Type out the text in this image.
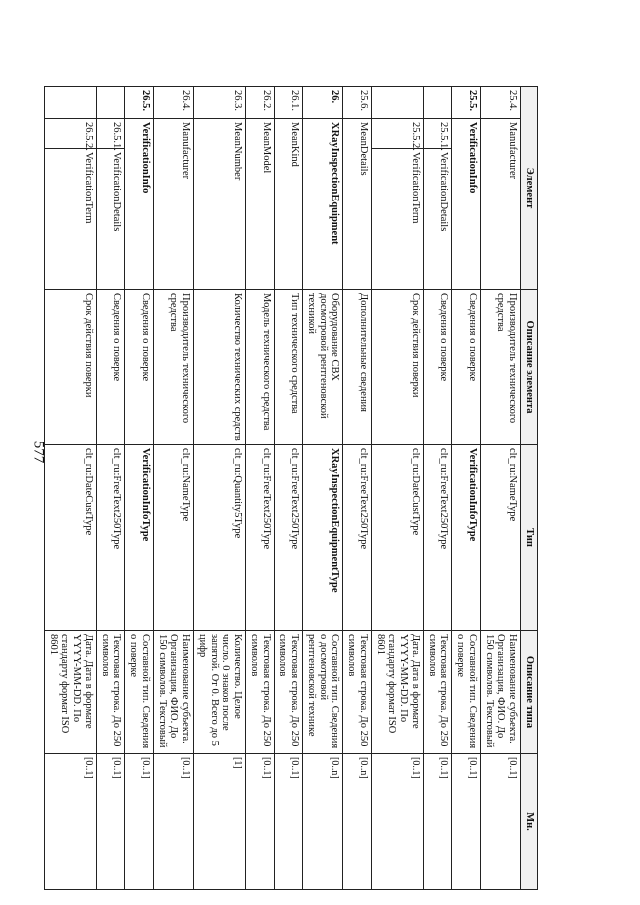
577
Элемент			Описание элемента	Тип	Описание типа	Мн.
25.4.	Manufacturer		Производитель технического средства	clt_ru:NameType	Наименование субъекта. Организация, ФИО. До 150 символов. Текстовый	[0..1]
25.5.	VerificationInfo		Сведения о поверке	VerificationInfoType	Составной тип. Сведения о поверке	[0..1]
	25.5.1.	VerificationDetails	Сведения о поверке	clt_ru:FreeText250Type	Текстовая строка. До 250 символов	[0..1]
	25.5.2.	VerificationTerm	Срок действия поверки	clt_ru:DateCustType	Дата. Дата в формате YYYY-MM-DD. По стандарту формат ISO 8601	[0..1]
25.6.	MeanDetails		Дополнительные сведения	clt_ru:FreeText250Type	Текстовая строка. До 250 символов	[0..n]
26.	XRayInspectionEquipment		Оборудование СВХ досмотровой рентгеновской техникой	XRayInspectionEquipmentType	Составной тип. Сведения о досмотровой рентгеновской технике	[0..n]
26.1.	MeanKind		Тип технического средства	clt_ru:FreeText250Type	Текстовая строка. До 250 символов	[0..1]
26.2.	MeanModel		Модель технического средства	clt_ru:FreeText250Type	Текстовая строка. До 250 символов	[0..1]
26.3.	MeanNumber		Количество технических средств	clt_ru:Quantity5Type	Количество. Целое число. 0 знаков после запятой. От 0. Всего до 5 цифр	[1]
26.4.	Manufacturer		Производитель технического средства	clt_ru:NameType	Наименование субъекта. Организация, ФИО. До 150 символов. Текстовый	[0..1]
26.5.	VerificationInfo		Сведения о поверке	VerificationInfoType	Составной тип. Сведения о поверке	[0..1]
	26.5.1.	VerificationDetails	Сведения о поверке	clt_ru:FreeText250Type	Текстовая строка. До 250 символов	[0..1]
	26.5.2.	VerificationTerm	Срок действия поверки	clt_ru:DateCustType	Дата. Дата в формате YYYY-MM-DD. По стандарту формат ISO 8601	[0..1]
